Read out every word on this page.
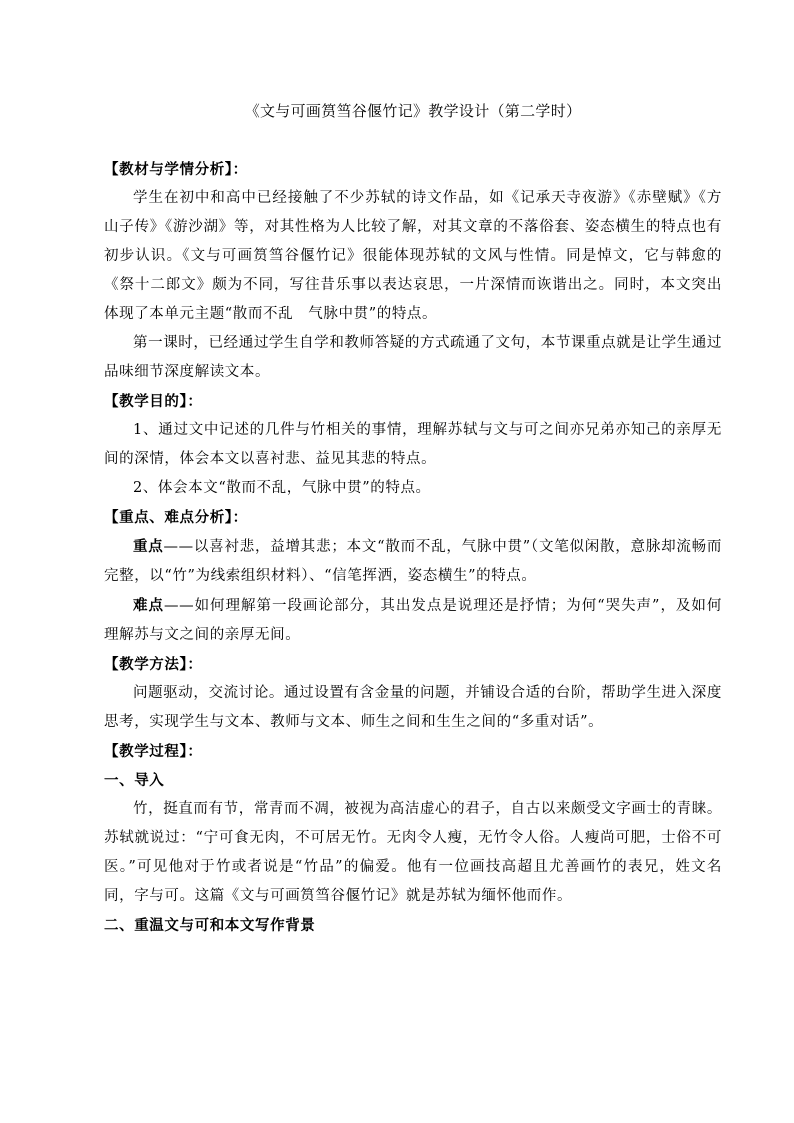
《文与可画筼筜谷偃竹记》教学设计（第二学时）

【教材与学情分析】：

学生在初中和高中已经接触了不少苏轼的诗文作品，如《记承天寺夜游》《赤壁赋》《方山子传》《游沙湖》等，对其性格为人比较了解，对其文章的不落俗套、姿态横生的特点也有初步认识。《文与可画筼筜谷偃竹记》很能体现苏轼的文风与性情。同是悼文，它与韩愈的《祭十二郎文》颇为不同，写往昔乐事以表达哀思，一片深情而诙谐出之。同时，本文突出体现了本单元主题“散而不乱　气脉中贯”的特点。

第一课时，已经通过学生自学和教师答疑的方式疏通了文句，本节课重点就是让学生通过品味细节深度解读文本。

【教学目的】：

1、通过文中记述的几件与竹相关的事情，理解苏轼与文与可之间亦兄弟亦知己的亲厚无间的深情，体会本文以喜衬悲、益见其悲的特点。

2、体会本文“散而不乱，气脉中贯”的特点。

【重点、难点分析】：

重点——以喜衬悲，益增其悲；本文“散而不乱，气脉中贯”（文笔似闲散，意脉却流畅而完整，以“竹”为线索组织材料）、“信笔挥洒，姿态横生”的特点。

难点——如何理解第一段画论部分，其出发点是说理还是抒情；为何“哭失声”，及如何理解苏与文之间的亲厚无间。

【教学方法】：

问题驱动，交流讨论。通过设置有含金量的问题，并铺设合适的台阶，帮助学生进入深度思考，实现学生与文本、教师与文本、师生之间和生生之间的“多重对话”。

【教学过程】：

一、导入

竹，挺直而有节，常青而不凋，被视为高洁虚心的君子，自古以来颇受文字画士的青睐。苏轼就说过：“宁可食无肉，不可居无竹。无肉令人瘦，无竹令人俗。人瘦尚可肥，士俗不可医。”可见他对于竹或者说是“竹品”的偏爱。他有一位画技高超且尤善画竹的表兄，姓文名同，字与可。这篇《文与可画筼筜谷偃竹记》就是苏轼为缅怀他而作。

二、重温文与可和本文写作背景
